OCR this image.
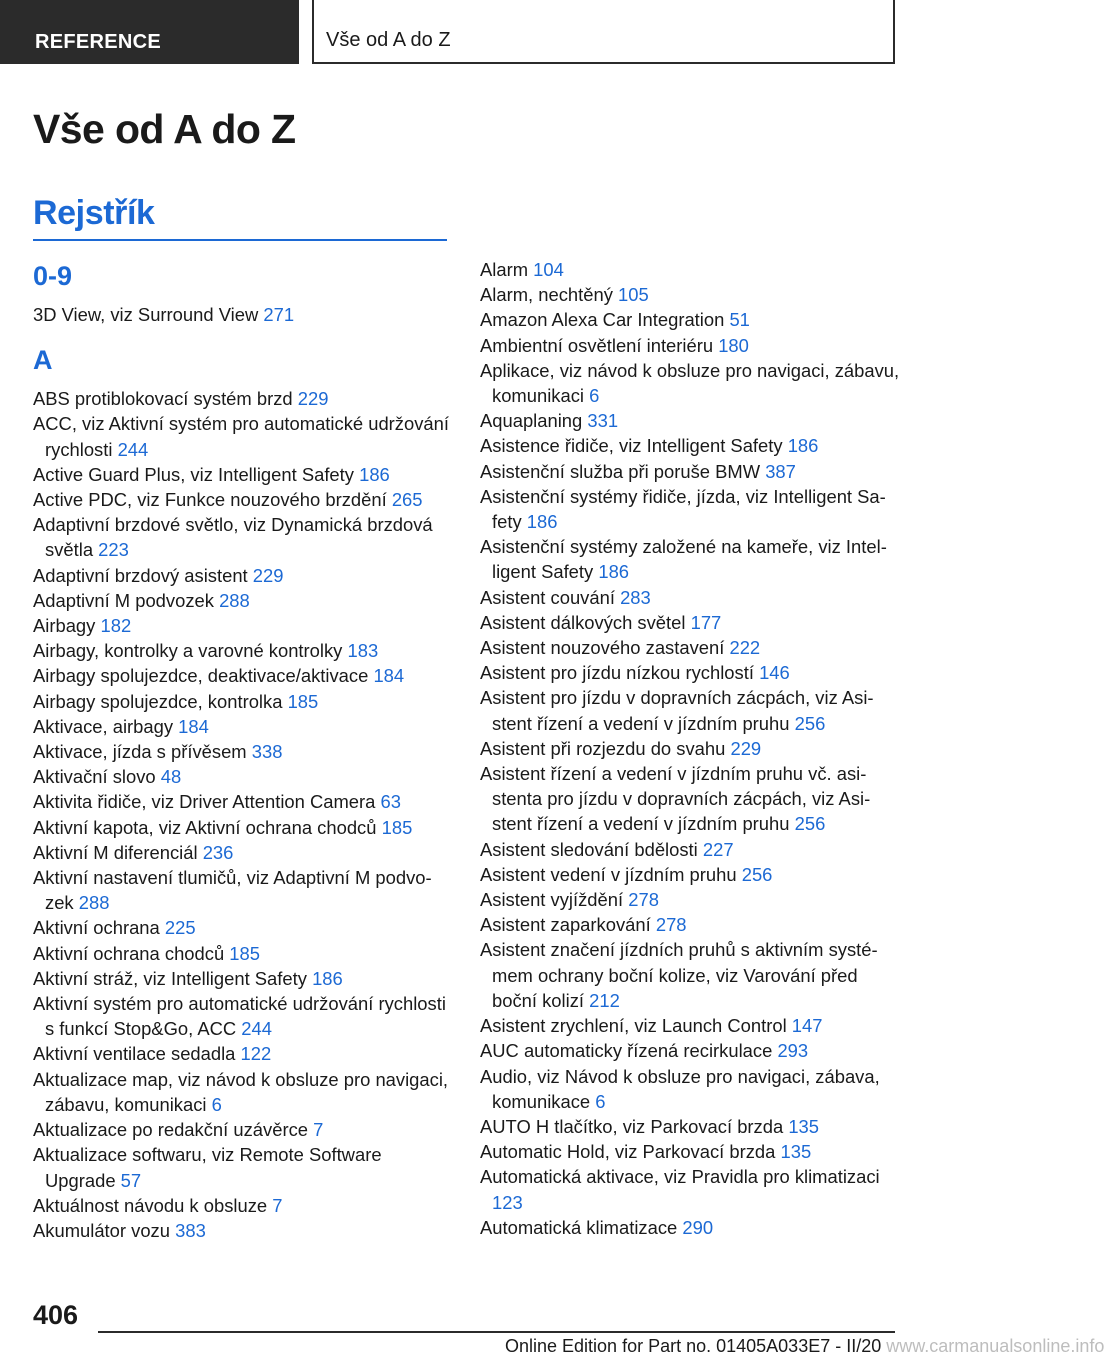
REFERENCE	Vše od A do Z
Vše od A do Z
Rejstřík
0-9
3D View, viz Surround View 271
A
ABS protiblokovací systém brzd 229
ACC, viz Aktivní systém pro automatické udržování rychlosti 244
Active Guard Plus, viz Intelligent Safety 186
Active PDC, viz Funkce nouzového brzdění 265
Adaptivní brzdové světlo, viz Dynamická brzdová světla 223
Adaptivní brzdový asistent 229
Adaptivní M podvozek 288
Airbagy 182
Airbagy, kontrolky a varovné kontrolky 183
Airbagy spolujezdce, deaktivace/aktivace 184
Airbagy spolujezdce, kontrolka 185
Aktivace, airbagy 184
Aktivace, jízda s přívěsem 338
Aktivační slovo 48
Aktivita řidiče, viz Driver Attention Camera 63
Aktivní kapota, viz Aktivní ochrana chodců 185
Aktivní M diferenciál 236
Aktivní nastavení tlumičů, viz Adaptivní M podvozek 288
Aktivní ochrana 225
Aktivní ochrana chodců 185
Aktivní stráž, viz Intelligent Safety 186
Aktivní systém pro automatické udržování rychlosti s funkcí Stop&Go, ACC 244
Aktivní ventilace sedadla 122
Aktualizace map, viz návod k obsluze pro navigaci, zábavu, komunikaci 6
Aktualizace po redakční uzávěrce 7
Aktualizace softwaru, viz Remote Software Upgrade 57
Aktuálnost návodu k obsluze 7
Akumulátor vozu 383
Alarm 104
Alarm, nechtěný 105
Amazon Alexa Car Integration 51
Ambientní osvětlení interiéru 180
Aplikace, viz návod k obsluze pro navigaci, zábavu, komunikaci 6
Aquaplaning 331
Asistence řidiče, viz Intelligent Safety 186
Asistenční služba při poruše BMW 387
Asistenční systémy řidiče, jízda, viz Intelligent Safety 186
Asistenční systémy založené na kameře, viz Intelligent Safety 186
Asistent couvání 283
Asistent dálkových světel 177
Asistent nouzového zastavení 222
Asistent pro jízdu nízkou rychlostí 146
Asistent pro jízdu v dopravních zácpách, viz Asistent řízení a vedení v jízdním pruhu 256
Asistent při rozjezdu do svahu 229
Asistent řízení a vedení v jízdním pruhu vč. asistenta pro jízdu v dopravních zácpách, viz Asistent řízení a vedení v jízdním pruhu 256
Asistent sledování bdělosti 227
Asistent vedení v jízdním pruhu 256
Asistent vyjíždění 278
Asistent zaparkování 278
Asistent značení jízdních pruhů s aktivním systémem ochrany boční kolize, viz Varování před boční kolizí 212
Asistent zrychlení, viz Launch Control 147
AUC automaticky řízená recirkulace 293
Audio, viz Návod k obsluze pro navigaci, zábava, komunikace 6
AUTO H tlačítko, viz Parkovací brzda 135
Automatic Hold, viz Parkovací brzda 135
Automatická aktivace, viz Pravidla pro klimatizaci 123
Automatická klimatizace 290
406
Online Edition for Part no. 01405A033E7 - II/20 www.carmanualsonline.info
